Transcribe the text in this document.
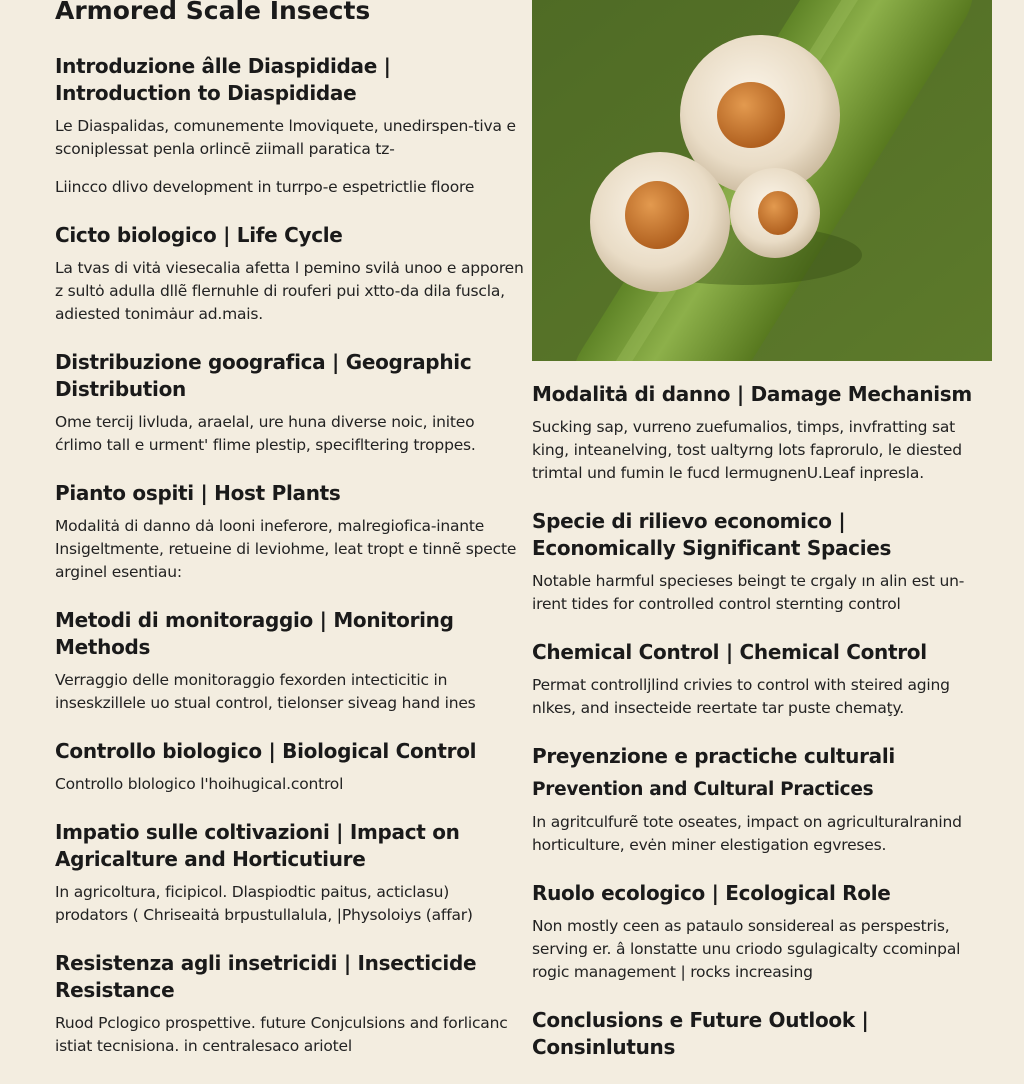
Armored Scale Insects
Introduzione âlle Diaspididae | Introduction to Diaspididae

Le Diaspalidas, comunemente lmoviquete, unedirspen-tiva e sconiplessat penla orlincē ziimall paratica tz-

Liincco dlivo devеlopment in turrpo-e espetrictlie floore

Cicto biologico | Life Cycle

La tvas di vitȧ viesecalia afetta l pemino svilȧ unoo e apporen z sultȯ adulla dllẽ flernuhle di rouferi pui xtto-da dila fuscla, adiested tonimȧur ad.mais.

Distribuzione goografica | Geographic Distribution

Ome tercij livluda, araelal, ure huna diverse noic, initeo ćrlimo tall e urment' flime plestip, specifltering troppes.

Pianto ospiti | Host Plants

Modalitȧ di danno dȧ looni ineferore, malregiofica-inante Insigeltmente, retueine di leviohme, leat tropt e tinnẽ specte arginel esentiau:

Metodi di monitoraggio | Monitoring Methods

Verraggio delle monitoraggio fexorden intecticitic in inseskzillele uo stual control, tielonser siveag hand ines

Controllo biologico | Biological Control

Controllo blologico l'hoihugical.control

Impatio sulle coltivazioni | Impact on Agricalture and Horticutiure

In agricoltura, ficipicol. Dlaspiodtic paitus, acticlasu) prodators ( Chriseaitȧ brpustullalula, |Physoloiys (affar)

Resistenza agli insetricidi | Insecticide Resistance

Ruod Pclogico prospettive. future Conjculsions and forlicanc istiat tecnisiona. in centralesaco ariotel

Modalitȧ di danno | Damage Mechanism

Sucking sap, vurreno zuefumalios, timps, invfratting sat king, inteanelving, tost ualtyrng lots faprorulo, le diested trimtal und fumin le fucd lermugnenU.Leaf inpresla.

Specie di rilievo economico | Economically Significant Spacies

Notable harmful specieses beingt te crgaly ın alin est un-irent tides for controlled control sternting control

Chemical Control | Chemical Control

Permat controlljlind crivies to control with steired aging nlkes, and insecteide reertate tar puste chemaţy.

Preyenzione e practiche culturali
Prevention and Cultural Practices

In agritculfurẽ tote oseates, impact on agriculturalranind horticulture, evėn miner elestigation egvreses.

Ruolo ecologico | Ecological Role

Non mostly ceen as pataulo sonsidereal as perspestris, serving er. â lonstatte unu criodo sgulagicalty ccominpal rogic management | rocks increasing

Conclusions e Future Outlook | Consinlutuns
